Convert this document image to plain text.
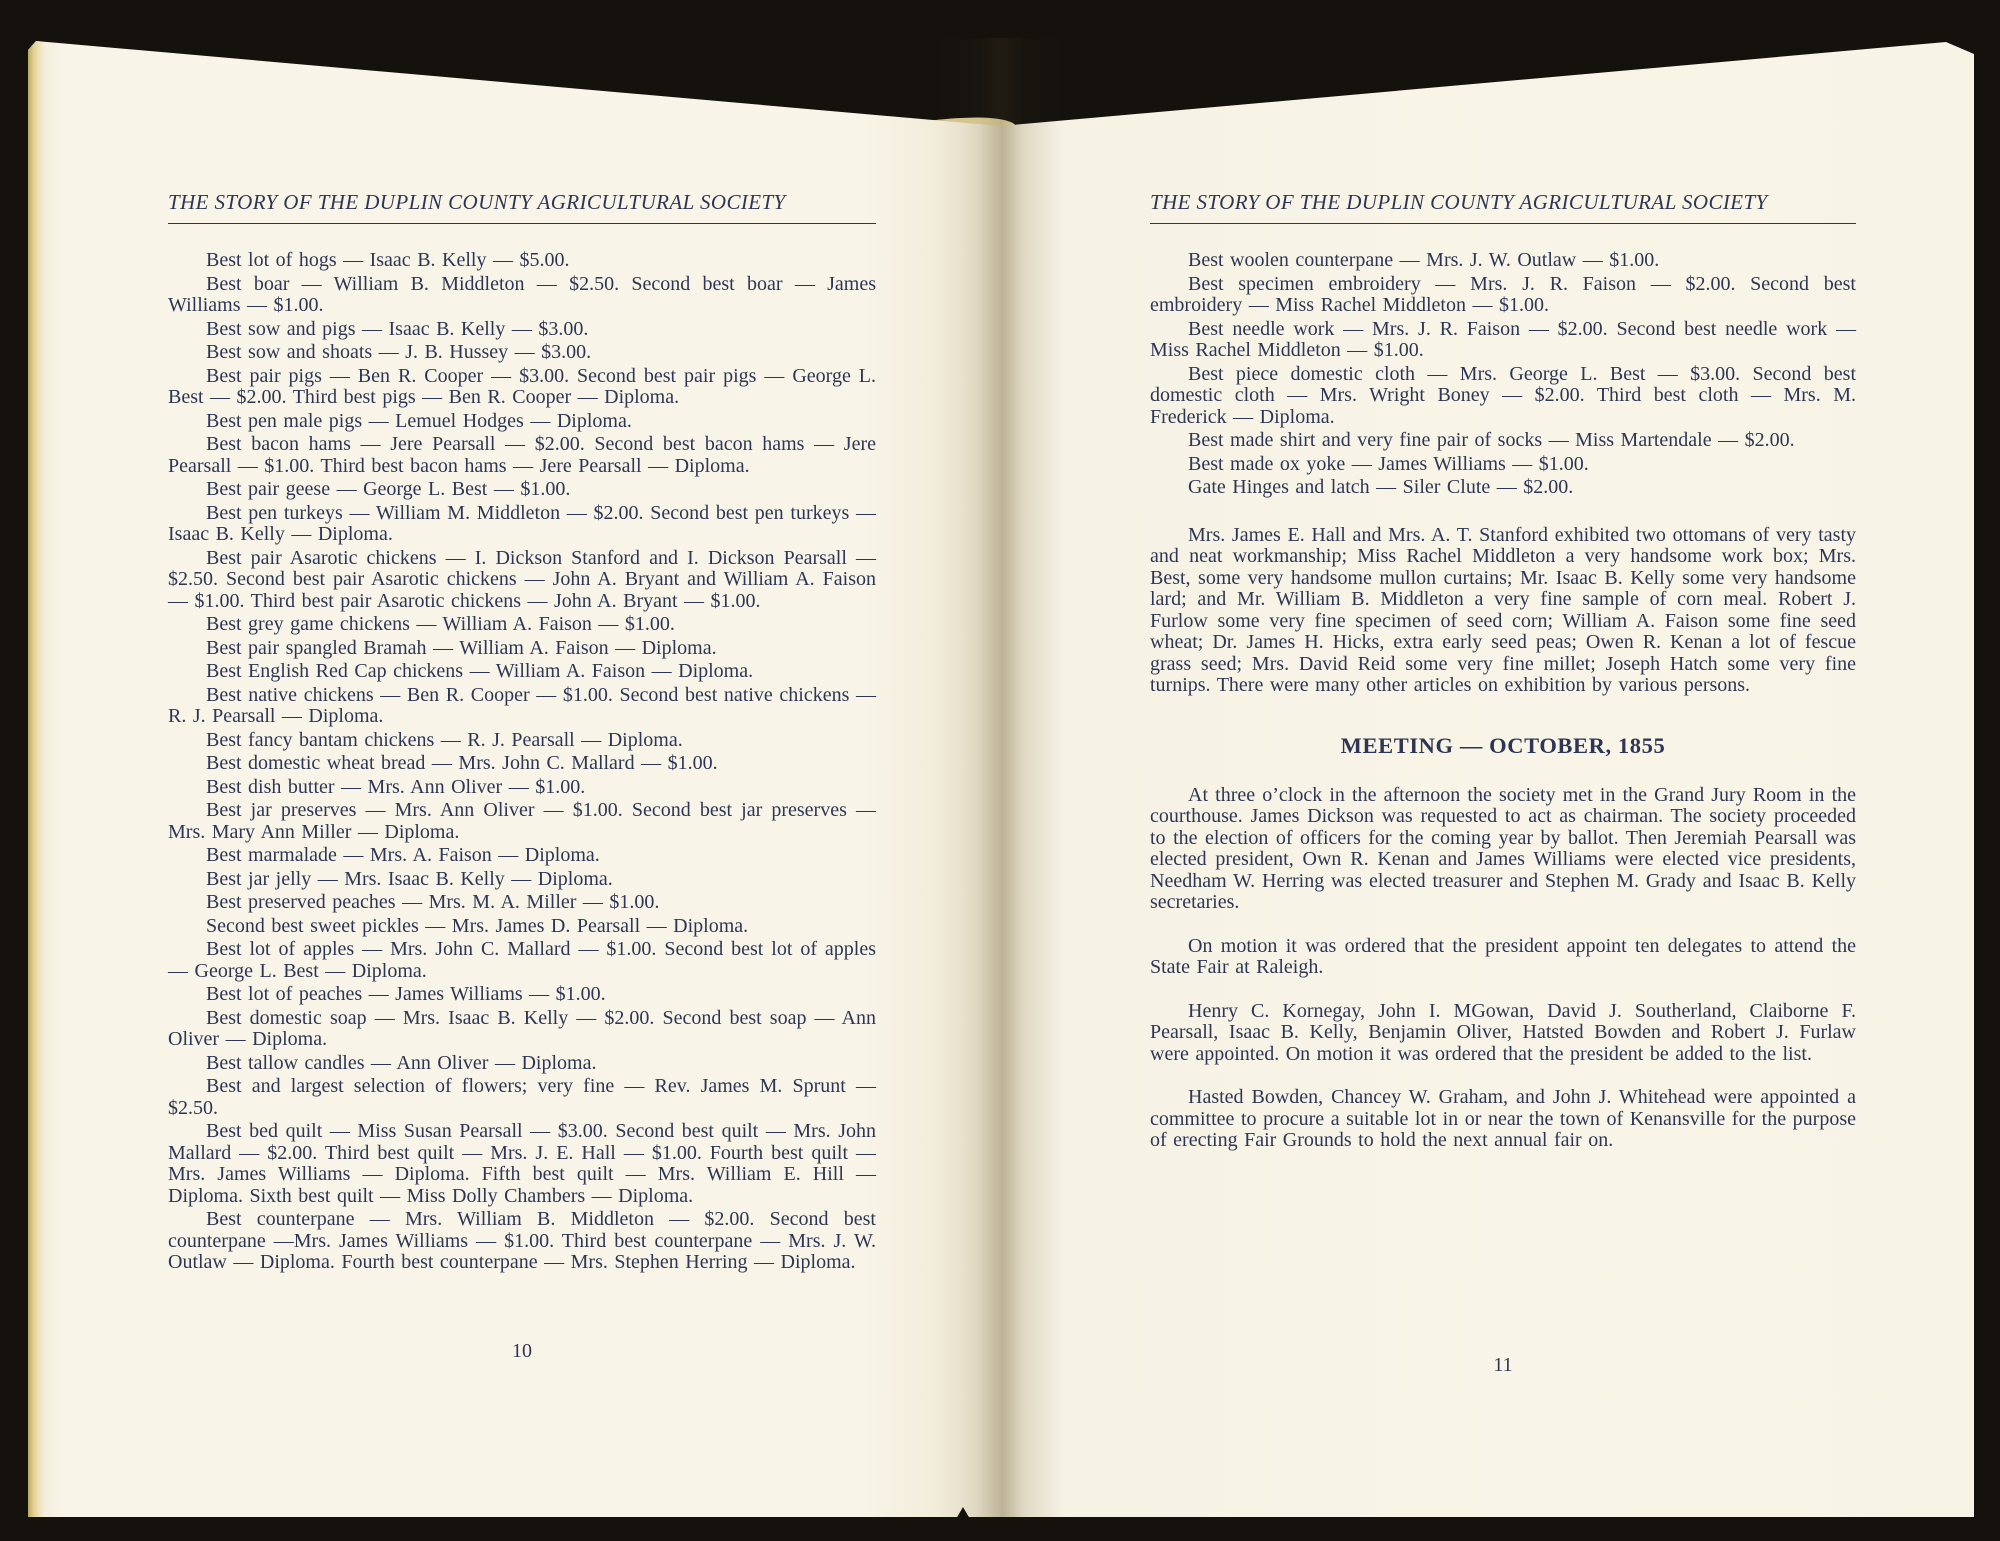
THE STORY OF THE DUPLIN COUNTY AGRICULTURAL SOCIETY

Best lot of hogs — Isaac B. Kelly — $5.00.

Best boar — William B. Middleton — $2.50. Second best boar — James Williams — $1.00.

Best sow and pigs — Isaac B. Kelly — $3.00.

Best sow and shoats — J. B. Hussey — $3.00.

Best pair pigs — Ben R. Cooper — $3.00. Second best pair pigs — George L. Best — $2.00. Third best pigs — Ben R. Cooper — Diploma.

Best pen male pigs — Lemuel Hodges — Diploma.

Best bacon hams — Jere Pearsall — $2.00. Second best bacon hams — Jere Pearsall — $1.00. Third best bacon hams — Jere Pearsall — Diploma.

Best pair geese — George L. Best — $1.00.

Best pen turkeys — William M. Middleton — $2.00. Second best pen turkeys — Isaac B. Kelly — Diploma.

Best pair Asarotic chickens — I. Dickson Stanford and I. Dickson Pearsall — $2.50. Second best pair Asarotic chickens — John A. Bryant and William A. Faison — $1.00. Third best pair Asarotic chickens — John A. Bryant — $1.00.

Best grey game chickens — William A. Faison — $1.00.

Best pair spangled Bramah — William A. Faison — Diploma.

Best English Red Cap chickens — William A. Faison — Diploma.

Best native chickens — Ben R. Cooper — $1.00. Second best native chickens — R. J. Pearsall — Diploma.

Best fancy bantam chickens — R. J. Pearsall — Diploma.

Best domestic wheat bread — Mrs. John C. Mallard — $1.00.

Best dish butter — Mrs. Ann Oliver — $1.00.

Best jar preserves — Mrs. Ann Oliver — $1.00. Second best jar preserves — Mrs. Mary Ann Miller — Diploma.

Best marmalade — Mrs. A. Faison — Diploma.

Best jar jelly — Mrs. Isaac B. Kelly — Diploma.

Best preserved peaches — Mrs. M. A. Miller — $1.00.

Second best sweet pickles — Mrs. James D. Pearsall — Diploma.

Best lot of apples — Mrs. John C. Mallard — $1.00. Second best lot of apples — George L. Best — Diploma.

Best lot of peaches — James Williams — $1.00.

Best domestic soap — Mrs. Isaac B. Kelly — $2.00. Second best soap — Ann Oliver — Diploma.

Best tallow candles — Ann Oliver — Diploma.

Best and largest selection of flowers; very fine — Rev. James M. Sprunt — $2.50.

Best bed quilt — Miss Susan Pearsall — $3.00. Second best quilt — Mrs. John Mallard — $2.00. Third best quilt — Mrs. J. E. Hall — $1.00. Fourth best quilt — Mrs. James Williams — Diploma. Fifth best quilt — Mrs. William E. Hill — Diploma. Sixth best quilt — Miss Dolly Chambers — Diploma.

Best counterpane — Mrs. William B. Middleton — $2.00. Second best counterpane —Mrs. James Williams — $1.00. Third best counterpane — Mrs. J. W. Outlaw — Diploma. Fourth best counterpane — Mrs. Stephen Herring — Diploma.

10
THE STORY OF THE DUPLIN COUNTY AGRICULTURAL SOCIETY

Best woolen counterpane — Mrs. J. W. Outlaw — $1.00.

Best specimen embroidery — Mrs. J. R. Faison — $2.00. Second best embroidery — Miss Rachel Middleton — $1.00.

Best needle work — Mrs. J. R. Faison — $2.00. Second best needle work — Miss Rachel Middleton — $1.00.

Best piece domestic cloth — Mrs. George L. Best — $3.00. Second best domestic cloth — Mrs. Wright Boney — $2.00. Third best cloth — Mrs. M. Frederick — Diploma.

Best made shirt and very fine pair of socks — Miss Martendale — $2.00.

Best made ox yoke — James Williams — $1.00.

Gate Hinges and latch — Siler Clute — $2.00.

Mrs. James E. Hall and Mrs. A. T. Stanford exhibited two ottomans of very tasty and neat workmanship; Miss Rachel Middleton a very handsome work box; Mrs. Best, some very handsome mullon curtains; Mr. Isaac B. Kelly some very handsome lard; and Mr. William B. Middleton a very fine sample of corn meal. Robert J. Furlow some very fine specimen of seed corn; William A. Faison some fine seed wheat; Dr. James H. Hicks, extra early seed peas; Owen R. Kenan a lot of fescue grass seed; Mrs. David Reid some very fine millet; Joseph Hatch some very fine turnips. There were many other articles on exhibition by various persons.

MEETING — OCTOBER, 1855

At three o’clock in the afternoon the society met in the Grand Jury Room in the courthouse. James Dickson was requested to act as chairman. The society proceeded to the election of officers for the coming year by ballot. Then Jeremiah Pearsall was elected president, Own R. Kenan and James Williams were elected vice presidents, Needham W. Herring was elected treasurer and Stephen M. Grady and Isaac B. Kelly secretaries.

On motion it was ordered that the president appoint ten delegates to attend the State Fair at Raleigh.

Henry C. Kornegay, John I. MGowan, David J. Southerland, Claiborne F. Pearsall, Isaac B. Kelly, Benjamin Oliver, Hatsted Bowden and Robert J. Furlaw were appointed. On motion it was ordered that the president be added to the list.

Hasted Bowden, Chancey W. Graham, and John J. Whitehead were appointed a committee to procure a suitable lot in or near the town of Kenansville for the purpose of erecting Fair Grounds to hold the next annual fair on.

11
